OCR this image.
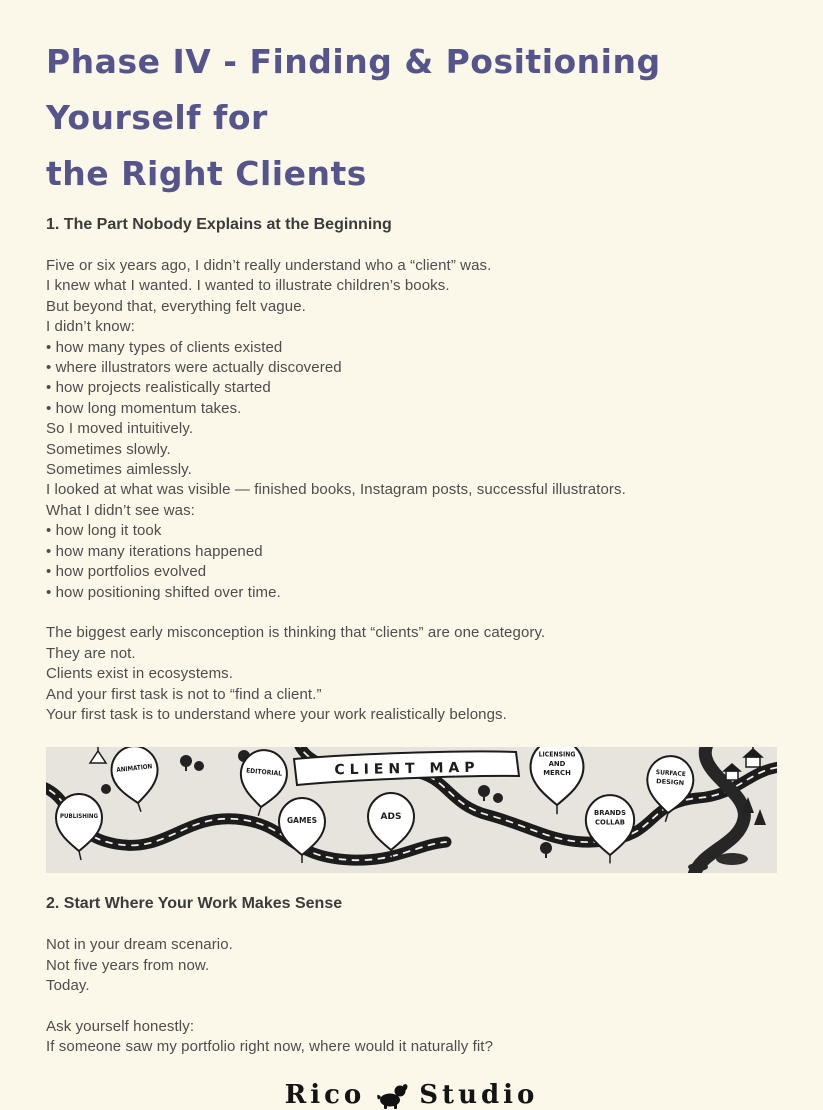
Phase IV - Finding & Positioning Yourself for
the Right Clients
1. The Part Nobody Explains at the Beginning

Five or six years ago, I didn’t really understand who a “client” was.

I knew what I wanted. I wanted to illustrate children’s books.

But beyond that, everything felt vague.

I didn’t know:

• how many types of clients existed

• where illustrators were actually discovered

• how projects realistically started

• how long momentum takes.

So I moved intuitively.

Sometimes slowly.

Sometimes aimlessly.

I looked at what was visible — finished books, Instagram posts, successful illustrators.

What I didn’t see was:

• how long it took

• how many iterations happened

• how portfolios evolved

• how positioning shifted over time.

The biggest early misconception is thinking that “clients” are one category.

They are not.

Clients exist in ecosystems.

And your first task is not to “find a client.”

Your first task is to understand where your work realistically belongs.

CLIENT MAP
PUBLISHING
ANIMATION	EDITORIAL
GAMES	ADS
LICENSING
AND
MERCH
BRANDS
COLLAB
SURFACE
DESIGN
2. Start Where Your Work Makes Sense

Not in your dream scenario.

Not five years from now.

Today.

Ask yourself honestly:

If someone saw my portfolio right now, where would it naturally fit?

Rico Studio
